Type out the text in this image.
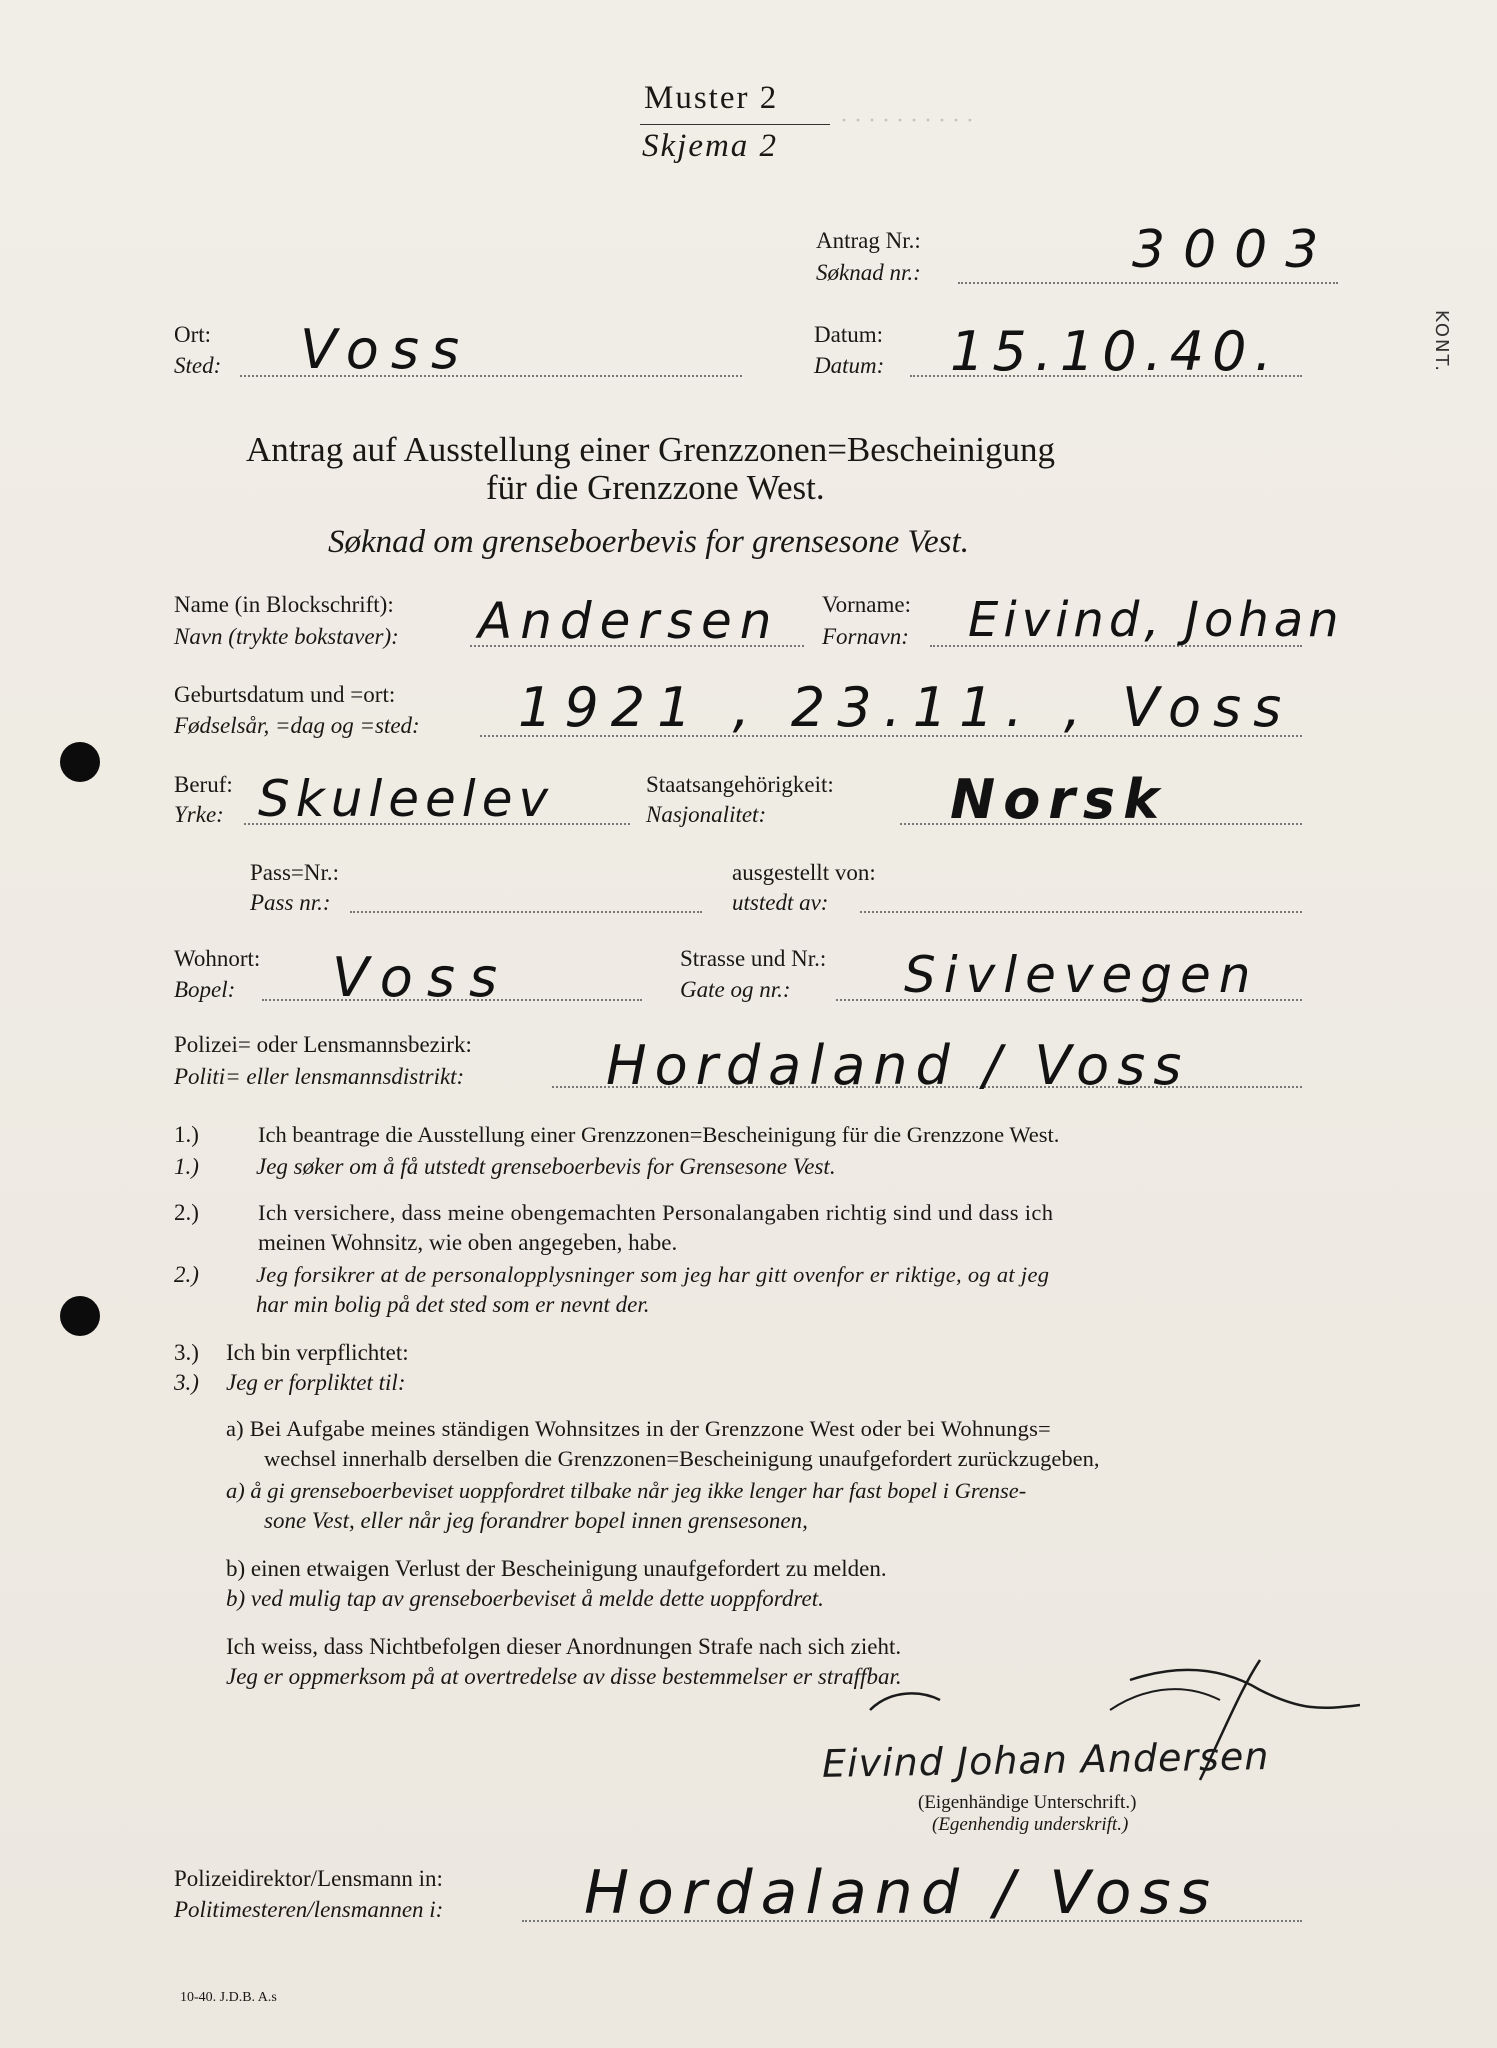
· · · · · · · · · ·
KONT.
Muster 2
Skjema 2
Antrag Nr.:
Søknad nr.:	3003
Ort:
Sted: Voss	Datum:
Datum: 15.10.40.
Antrag auf Ausstellung einer Grenzzonen=Bescheinigung
für die Grenzzone West.
Søknad om grenseboerbevis for grensesone Vest.
Name (in Blockschrift):
Navn (trykte bokstaver): Andersen Vorname:
Fornavn: Eivind, Johan
Geburtsdatum und =ort:
Fødselsår, =dag og =sted: 1921 , 23.11. , Voss
Beruf:
Yrke: Skuleelev	Staatsangehörigkeit:
Nasjonalitet:	Norsk
Pass=Nr.:
Pass nr.:
ausgestellt von:
utstedt av:
Wohnort:
Bopel: Voss	Strasse und Nr.:
Gate og nr.: Sivlevegen
Polizei= oder Lensmannsbezirk:
Politi= eller lensmannsdistrikt:	Hordaland / Voss
1.)	Ich beantrage die Ausstellung einer Grenzzonen=Bescheinigung für die Grenzzone West.
1.) Jeg søker om å få utstedt grenseboerbevis for Grensesone Vest.
2.)	Ich versichere, dass meine obengemachten Personalangaben richtig sind und dass ich
meinen Wohnsitz, wie oben angegeben, habe.
2.)	Jeg forsikrer at de personalopplysninger som jeg har gitt ovenfor er riktige, og at jeg
har min bolig på det sted som er nevnt der.
3.) Ich bin verpflichtet:
3.) Jeg er forpliktet til:
a) Bei Aufgabe meines ständigen Wohnsitzes in der Grenzzone West oder bei Wohnungs=
wechsel innerhalb derselben die Grenzzonen=Bescheinigung unaufgefordert zurückzugeben,
a) å gi grenseboerbeviset uoppfordret tilbake når jeg ikke lenger har fast bopel i Grense-
sone Vest, eller når jeg forandrer bopel innen grensesonen,
b) einen etwaigen Verlust der Bescheinigung unaufgefordert zu melden.
b) ved mulig tap av grenseboerbeviset å melde dette uoppfordret.
Ich weiss, dass Nichtbefolgen dieser Anordnungen Strafe nach sich zieht.
Jeg er oppmerksom på at overtredelse av disse bestemmelser er straffbar.
Eivind Johan Andersen
(Eigenhändige Unterschrift.)
(Egenhendig underskrift.)
Polizeidirektor/Lensmann in:
Politimesteren/lensmannen i: Hordaland / Voss
10-40. J.D.B. A.s
